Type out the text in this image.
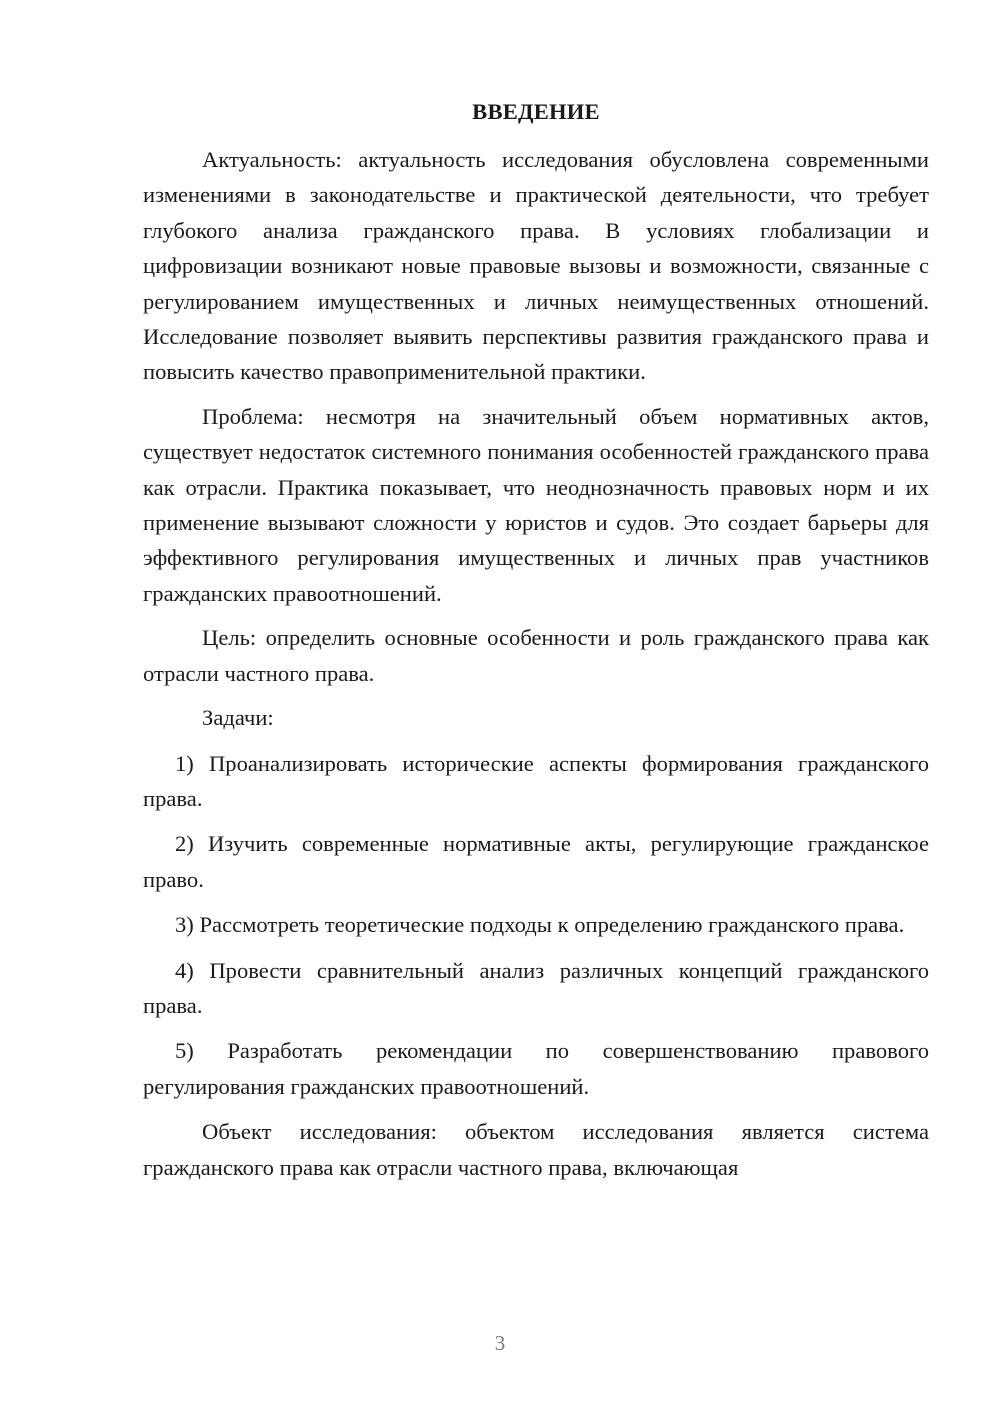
ВВЕДЕНИЕ

Актуальность: актуальность исследования обусловлена современными изменениями в законодательстве и практической деятельности, что требует глубокого анализа гражданского права. В условиях глобализации и цифровизации возникают новые правовые вызовы и возможности, связанные с регулированием имущественных и личных неимущественных отношений. Исследование позволяет выявить перспективы развития гражданского права и повысить качество правоприменительной практики.

Проблема: несмотря на значительный объем нормативных актов, существует недостаток системного понимания особенностей гражданского права как отрасли. Практика показывает, что неоднозначность правовых норм и их применение вызывают сложности у юристов и судов. Это создает барьеры для эффективного регулирования имущественных и личных прав участников гражданских правоотношений.

Цель: определить основные особенности и роль гражданского права как отрасли частного права.

Задачи:

1) Проанализировать исторические аспекты формирования гражданского права.

2) Изучить современные нормативные акты, регулирующие гражданское право.

3) Рассмотреть теоретические подходы к определению гражданского права.

4) Провести сравнительный анализ различных концепций гражданского права.

5) Разработать рекомендации по совершенствованию правового регулирования гражданских правоотношений.

Объект исследования: объектом исследования является система гражданского права как отрасли частного права, включающая

3
